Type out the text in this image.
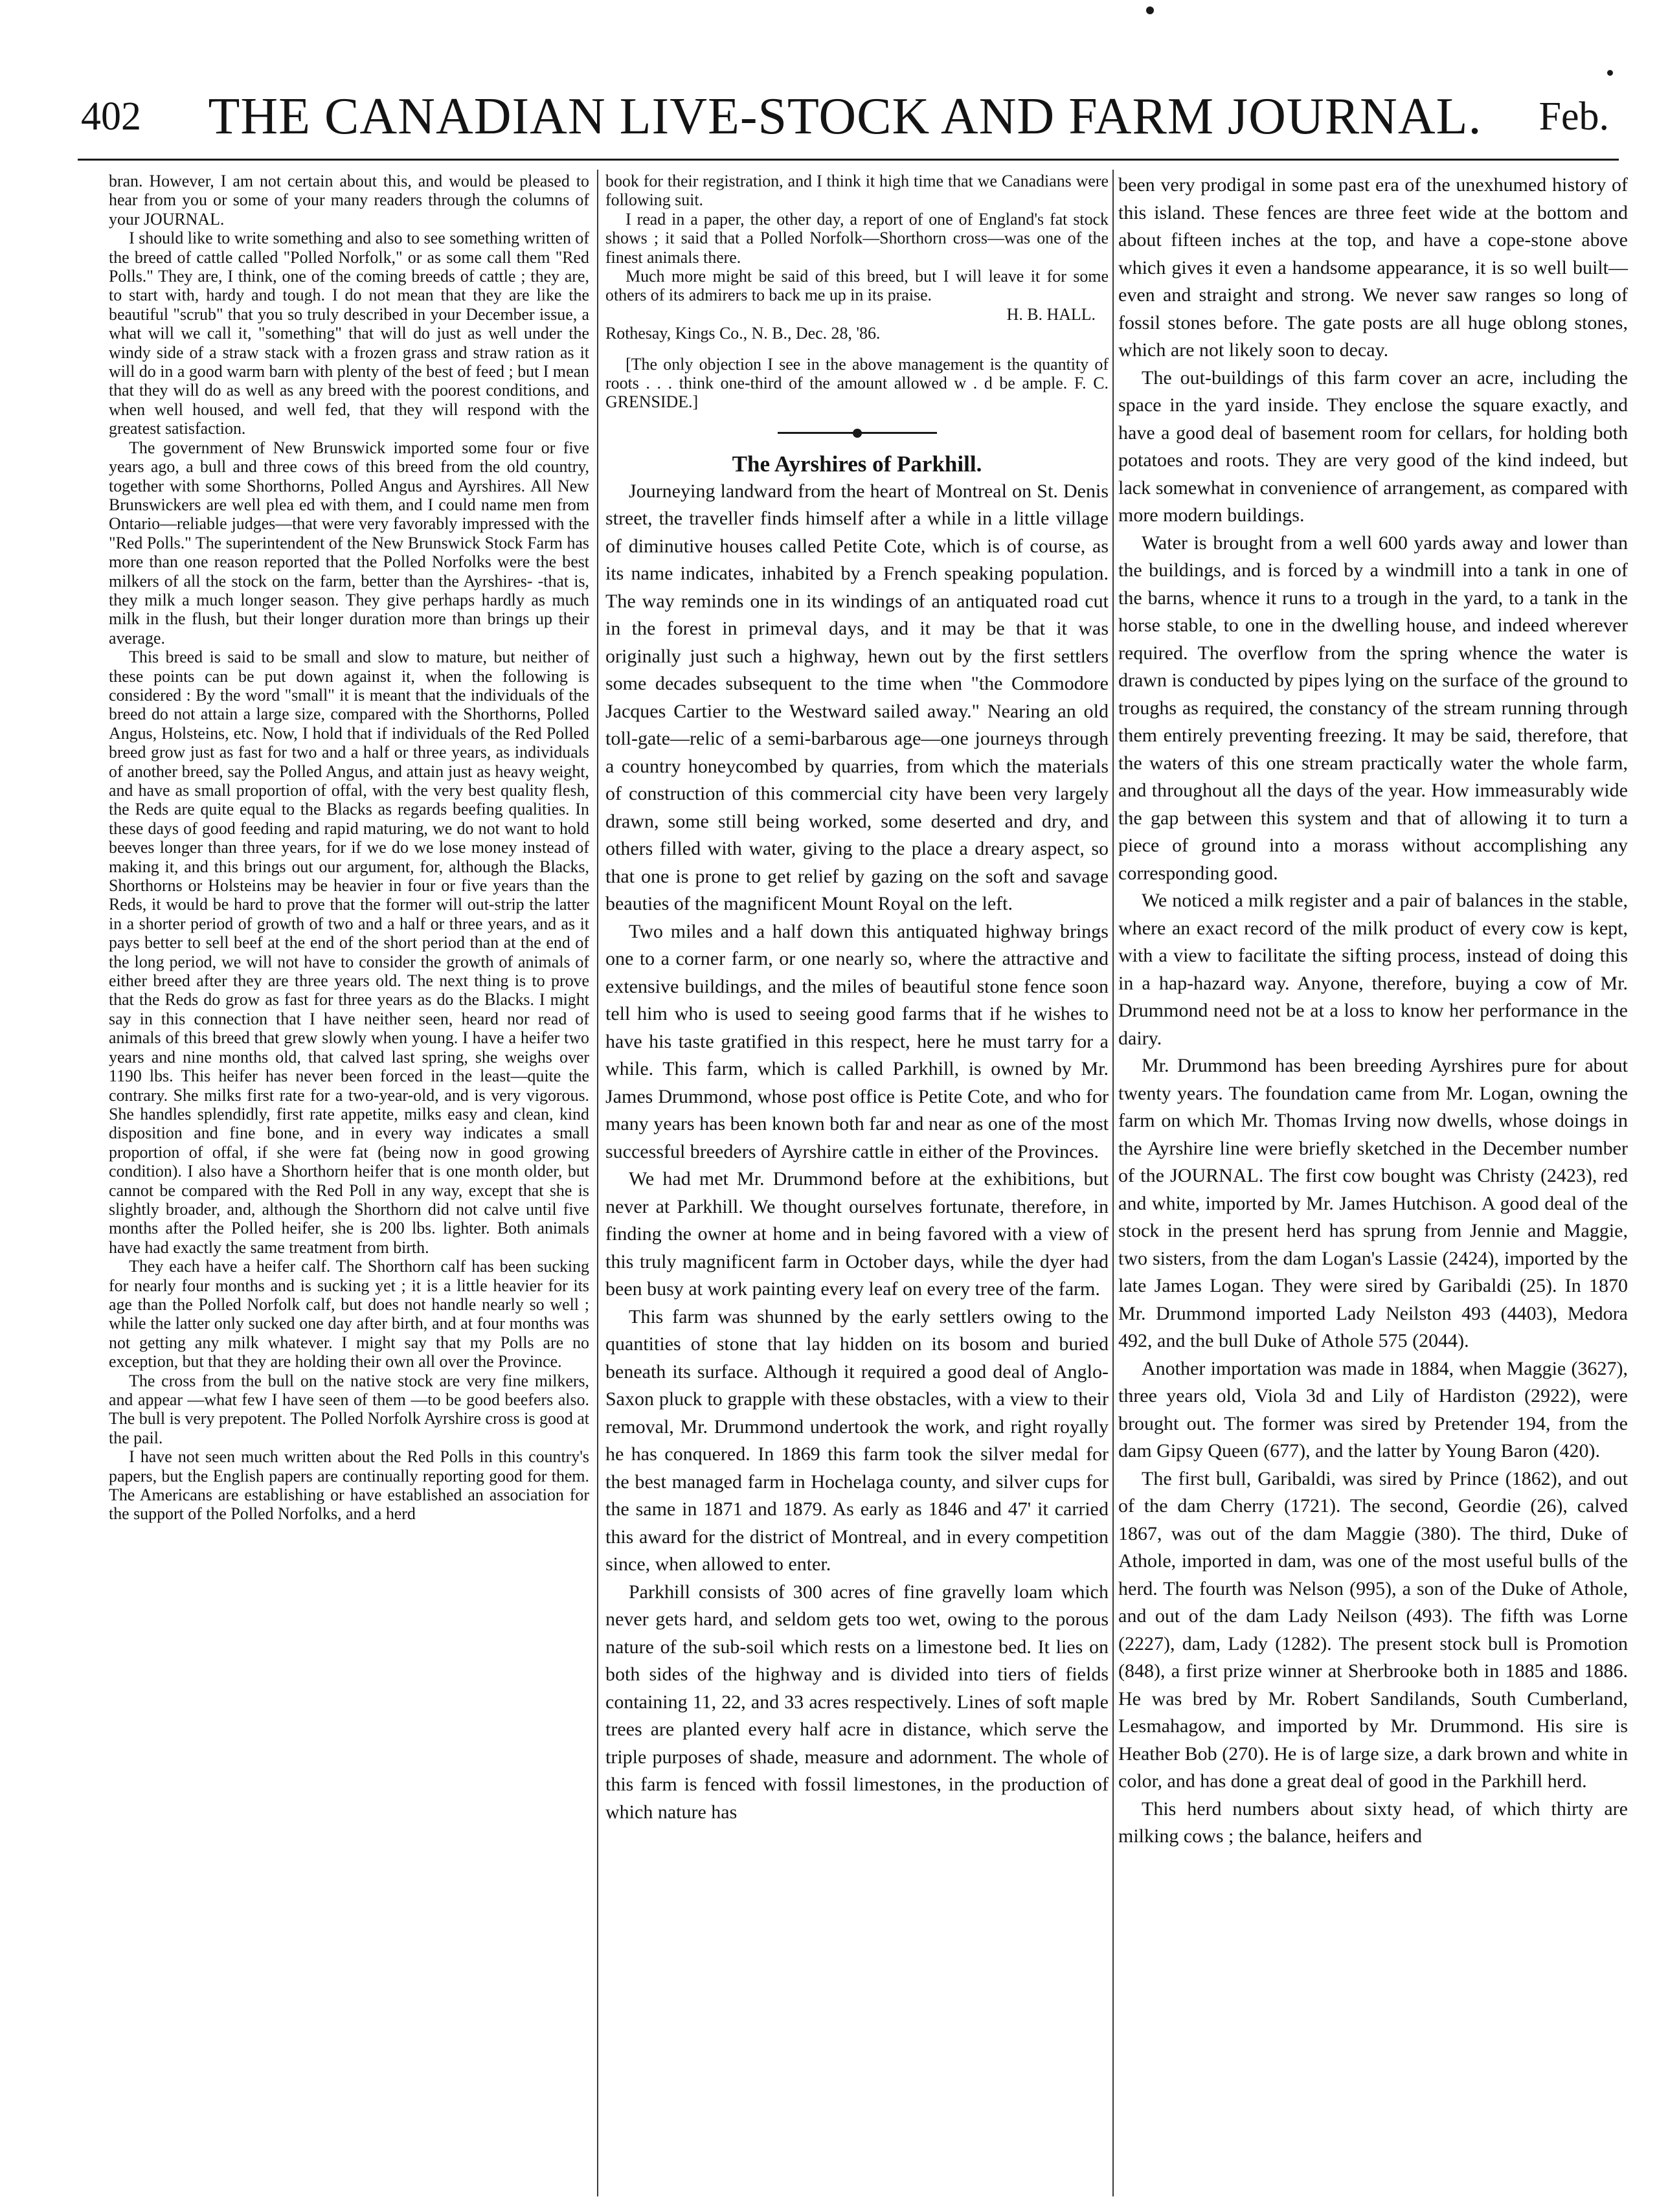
402	THE CANADIAN LIVE-STOCK AND FARM JOURNAL.	Feb.

bran. However, I am not certain about this, and would be pleased to hear from you or some of your many readers through the columns of your JOURNAL.

I should like to write something and also to see something written of the breed of cattle called "Polled Norfolk," or as some call them "Red Polls." They are, I think, one of the coming breeds of cattle ; they are, to start with, hardy and tough. I do not mean that they are like the beautiful "scrub" that you so truly described in your December issue, a what will we call it, "something" that will do just as well under the windy side of a straw stack with a frozen grass and straw ration as it will do in a good warm barn with plenty of the best of feed ; but I mean that they will do as well as any breed with the poorest conditions, and when well housed, and well fed, that they will respond with the greatest satisfaction.

The government of New Brunswick imported some four or five years ago, a bull and three cows of this breed from the old country, together with some Shorthorns, Polled Angus and Ayrshires. All New Brunswickers are well plea ed with them, and I could name men from Ontario—reliable judges—that were very favorably impressed with the "Red Polls." The superintendent of the New Brunswick Stock Farm has more than one reason reported that the Polled Norfolks were the best milkers of all the stock on the farm, better than the Ayrshires- -that is, they milk a much longer season. They give perhaps hardly as much milk in the flush, but their longer duration more than brings up their average.

This breed is said to be small and slow to mature, but neither of these points can be put down against it, when the following is considered : By the word "small" it is meant that the individuals of the breed do not attain a large size, compared with the Shorthorns, Polled Angus, Holsteins, etc. Now, I hold that if individuals of the Red Polled breed grow just as fast for two and a half or three years, as individuals of another breed, say the Polled Angus, and attain just as heavy weight, and have as small proportion of offal, with the very best quality flesh, the Reds are quite equal to the Blacks as regards beefing qualities. In these days of good feeding and rapid maturing, we do not want to hold beeves longer than three years, for if we do we lose money instead of making it, and this brings out our argument, for, although the Blacks, Shorthorns or Holsteins may be heavier in four or five years than the Reds, it would be hard to prove that the former will out-strip the latter in a shorter period of growth of two and a half or three years, and as it pays better to sell beef at the end of the short period than at the end of the long period, we will not have to consider the growth of animals of either breed after they are three years old. The next thing is to prove that the Reds do grow as fast for three years as do the Blacks. I might say in this connection that I have neither seen, heard nor read of animals of this breed that grew slowly when young. I have a heifer two years and nine months old, that calved last spring, she weighs over 1190 lbs. This heifer has never been forced in the least—quite the contrary. She milks first rate for a two-year-old, and is very vigorous. She handles splendidly, first rate appetite, milks easy and clean, kind disposition and fine bone, and in every way indicates a small proportion of offal, if she were fat (being now in good growing condition). I also have a Shorthorn heifer that is one month older, but cannot be compared with the Red Poll in any way, except that she is slightly broader, and, although the Shorthorn did not calve until five months after the Polled heifer, she is 200 lbs. lighter. Both animals have had exactly the same treatment from birth.

They each have a heifer calf. The Shorthorn calf has been sucking for nearly four months and is sucking yet ; it is a little heavier for its age than the Polled Norfolk calf, but does not handle nearly so well ; while the latter only sucked one day after birth, and at four months was not getting any milk whatever. I might say that my Polls are no exception, but that they are holding their own all over the Province.

The cross from the bull on the native stock are very fine milkers, and appear —what few I have seen of them —to be good beefers also. The bull is very prepotent. The Polled Norfolk Ayrshire cross is good at the pail.

I have not seen much written about the Red Polls in this country's papers, but the English papers are continually reporting good for them. The Americans are establishing or have established an association for the support of the Polled Norfolks, and a herd

book for their registration, and I think it high time that we Canadians were following suit.

I read in a paper, the other day, a report of one of England's fat stock shows ; it said that a Polled Norfolk—Shorthorn cross—was one of the finest animals there.

Much more might be said of this breed, but I will leave it for some others of its admirers to back me up in its praise.

H. B. HALL.

Rothesay, Kings Co., N. B., Dec. 28, '86.

[The only objection I see in the above management is the quantity of roots . . . think one-third of the amount allowed w . d be ample. F. C. GRENSIDE.]

The Ayrshires of Parkhill.

Journeying landward from the heart of Montreal on St. Denis street, the traveller finds himself after a while in a little village of diminutive houses called Petite Cote, which is of course, as its name indicates, inhabited by a French speaking population. The way reminds one in its windings of an antiquated road cut in the forest in primeval days, and it may be that it was originally just such a highway, hewn out by the first settlers some decades subsequent to the time when "the Commodore Jacques Cartier to the Westward sailed away." Nearing an old toll-gate—relic of a semi-barbarous age—one journeys through a country honeycombed by quarries, from which the materials of construction of this commercial city have been very largely drawn, some still being worked, some deserted and dry, and others filled with water, giving to the place a dreary aspect, so that one is prone to get relief by gazing on the soft and savage beauties of the magnificent Mount Royal on the left.

Two miles and a half down this antiquated highway brings one to a corner farm, or one nearly so, where the attractive and extensive buildings, and the miles of beautiful stone fence soon tell him who is used to seeing good farms that if he wishes to have his taste gratified in this respect, here he must tarry for a while. This farm, which is called Parkhill, is owned by Mr. James Drummond, whose post office is Petite Cote, and who for many years has been known both far and near as one of the most successful breeders of Ayrshire cattle in either of the Provinces.

We had met Mr. Drummond before at the exhibitions, but never at Parkhill. We thought ourselves fortunate, therefore, in finding the owner at home and in being favored with a view of this truly magnificent farm in October days, while the dyer had been busy at work painting every leaf on every tree of the farm.

This farm was shunned by the early settlers owing to the quantities of stone that lay hidden on its bosom and buried beneath its surface. Although it required a good deal of Anglo-Saxon pluck to grapple with these obstacles, with a view to their removal, Mr. Drummond undertook the work, and right royally he has conquered. In 1869 this farm took the silver medal for the best managed farm in Hochelaga county, and silver cups for the same in 1871 and 1879. As early as 1846 and 47' it carried this award for the district of Montreal, and in every competition since, when allowed to enter.

Parkhill consists of 300 acres of fine gravelly loam which never gets hard, and seldom gets too wet, owing to the porous nature of the sub-soil which rests on a limestone bed. It lies on both sides of the highway and is divided into tiers of fields containing 11, 22, and 33 acres respectively. Lines of soft maple trees are planted every half acre in distance, which serve the triple purposes of shade, measure and adornment. The whole of this farm is fenced with fossil limestones, in the production of which nature has

been very prodigal in some past era of the unexhumed history of this island. These fences are three feet wide at the bottom and about fifteen inches at the top, and have a cope-stone above which gives it even a handsome appearance, it is so well built—even and straight and strong. We never saw ranges so long of fossil stones before. The gate posts are all huge oblong stones, which are not likely soon to decay.

The out-buildings of this farm cover an acre, including the space in the yard inside. They enclose the square exactly, and have a good deal of basement room for cellars, for holding both potatoes and roots. They are very good of the kind indeed, but lack somewhat in convenience of arrangement, as compared with more modern buildings.

Water is brought from a well 600 yards away and lower than the buildings, and is forced by a windmill into a tank in one of the barns, whence it runs to a trough in the yard, to a tank in the horse stable, to one in the dwelling house, and indeed wherever required. The overflow from the spring whence the water is drawn is conducted by pipes lying on the surface of the ground to troughs as required, the constancy of the stream running through them entirely preventing freezing. It may be said, therefore, that the waters of this one stream practically water the whole farm, and throughout all the days of the year. How immeasurably wide the gap between this system and that of allowing it to turn a piece of ground into a morass without accomplishing any corresponding good.

We noticed a milk register and a pair of balances in the stable, where an exact record of the milk product of every cow is kept, with a view to facilitate the sifting process, instead of doing this in a hap-hazard way. Anyone, therefore, buying a cow of Mr. Drummond need not be at a loss to know her performance in the dairy.

Mr. Drummond has been breeding Ayrshires pure for about twenty years. The foundation came from Mr. Logan, owning the farm on which Mr. Thomas Irving now dwells, whose doings in the Ayrshire line were briefly sketched in the December number of the JOURNAL. The first cow bought was Christy (2423), red and white, imported by Mr. James Hutchison. A good deal of the stock in the present herd has sprung from Jennie and Maggie, two sisters, from the dam Logan's Lassie (2424), imported by the late James Logan. They were sired by Garibaldi (25). In 1870 Mr. Drummond imported Lady Neilston 493 (4403), Medora 492, and the bull Duke of Athole 575 (2044).

Another importation was made in 1884, when Maggie (3627), three years old, Viola 3d and Lily of Hardiston (2922), were brought out. The former was sired by Pretender 194, from the dam Gipsy Queen (677), and the latter by Young Baron (420).

The first bull, Garibaldi, was sired by Prince (1862), and out of the dam Cherry (1721). The second, Geordie (26), calved 1867, was out of the dam Maggie (380). The third, Duke of Athole, imported in dam, was one of the most useful bulls of the herd. The fourth was Nelson (995), a son of the Duke of Athole, and out of the dam Lady Neilson (493). The fifth was Lorne (2227), dam, Lady (1282). The present stock bull is Promotion (848), a first prize winner at Sherbrooke both in 1885 and 1886. He was bred by Mr. Robert Sandilands, South Cumberland, Lesmahagow, and imported by Mr. Drummond. His sire is Heather Bob (270). He is of large size, a dark brown and white in color, and has done a great deal of good in the Parkhill herd.

This herd numbers about sixty head, of which thirty are milking cows ; the balance, heifers and
